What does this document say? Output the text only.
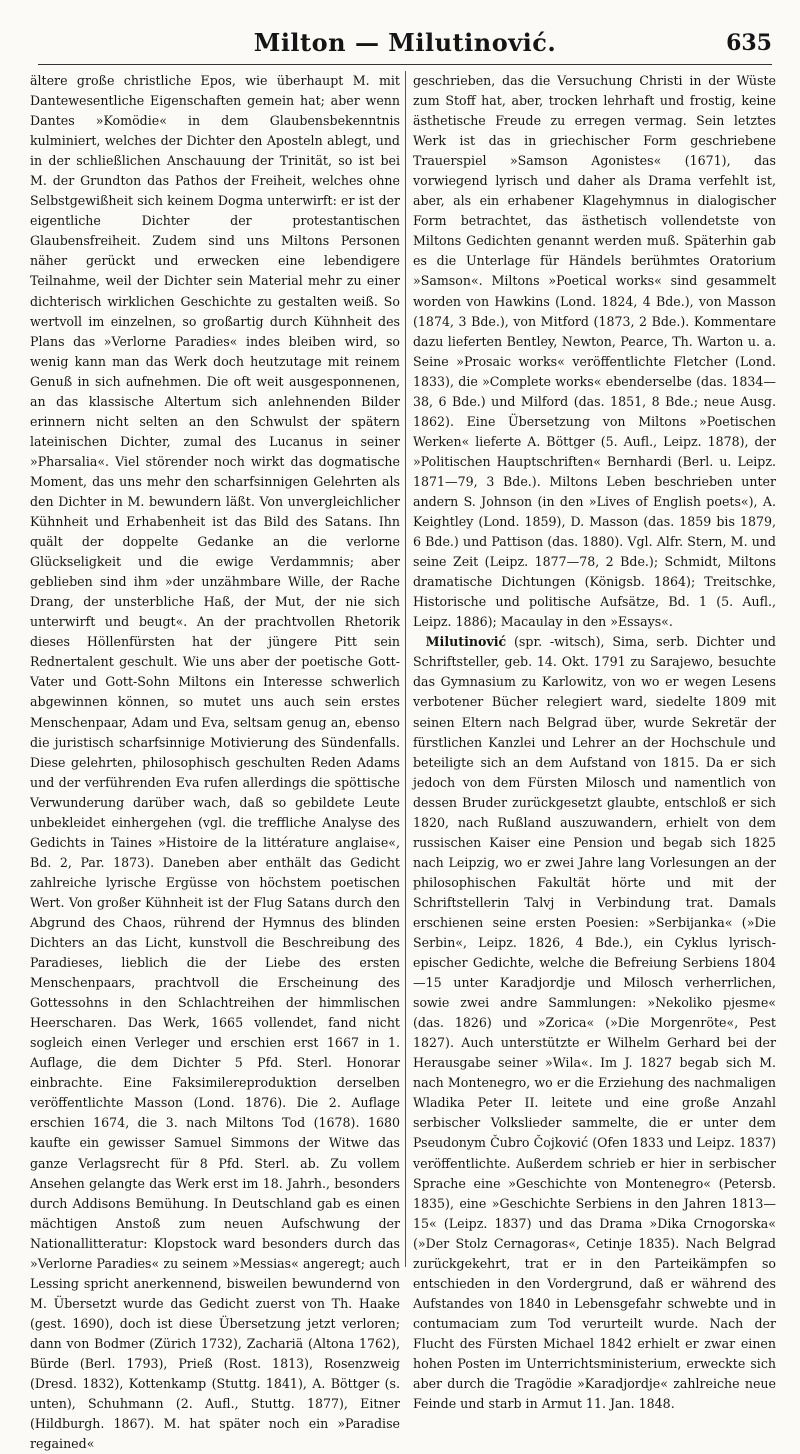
Milton — Milutinović.	635

ältere große christliche Epos, wie überhaupt M. mit Dantewesentliche Eigenschaften gemein hat; aber wenn Dantes »Komödie« in dem Glaubensbekenntnis kulminiert, welches der Dichter den Aposteln ablegt, und in der schließlichen Anschauung der Trinität, so ist bei M. der Grundton das Pathos der Freiheit, welches ohne Selbstgewißheit sich keinem Dogma unterwirft: er ist der eigentliche Dichter der protestantischen Glaubensfreiheit. Zudem sind uns Miltons Personen näher gerückt und erwecken eine lebendigere Teilnahme, weil der Dichter sein Material mehr zu einer dichterisch wirklichen Geschichte zu gestalten weiß. So wertvoll im einzelnen, so großartig durch Kühnheit des Plans das »Verlorne Paradies« indes bleiben wird, so wenig kann man das Werk doch heutzutage mit reinem Genuß in sich aufnehmen. Die oft weit ausgesponnenen, an das klassische Altertum sich anlehnenden Bilder erinnern nicht selten an den Schwulst der spätern lateinischen Dichter, zumal des Lucanus in seiner »Pharsalia«. Viel störender noch wirkt das dogmatische Moment, das uns mehr den scharfsinnigen Gelehrten als den Dichter in M. bewundern läßt. Von unvergleichlicher Kühnheit und Erhabenheit ist das Bild des Satans. Ihn quält der doppelte Gedanke an die verlorne Glückseligkeit und die ewige Verdammnis; aber geblieben sind ihm »der unzähmbare Wille, der Rache Drang, der unsterbliche Haß, der Mut, der nie sich unterwirft und beugt«. An der prachtvollen Rhetorik dieses Höllenfürsten hat der jüngere Pitt sein Rednertalent geschult. Wie uns aber der poetische Gott-Vater und Gott-Sohn Miltons ein Interesse schwerlich abgewinnen können, so mutet uns auch sein erstes Menschenpaar, Adam und Eva, seltsam genug an, ebenso die juristisch scharfsinnige Motivierung des Sündenfalls. Diese gelehrten, philosophisch geschulten Reden Adams und der verführenden Eva rufen allerdings die spöttische Verwunderung darüber wach, daß so gebildete Leute unbekleidet einhergehen (vgl. die treffliche Analyse des Gedichts in Taines »Histoire de la littérature anglaise«, Bd. 2, Par. 1873). Daneben aber enthält das Gedicht zahlreiche lyrische Ergüsse von höchstem poetischen Wert. Von großer Kühnheit ist der Flug Satans durch den Abgrund des Chaos, rührend der Hymnus des blinden Dichters an das Licht, kunstvoll die Beschreibung des Paradieses, lieblich die der Liebe des ersten Menschenpaars, prachtvoll die Erscheinung des Gottessohns in den Schlachtreihen der himmlischen Heerscharen. Das Werk, 1665 vollendet, fand nicht sogleich einen Verleger und erschien erst 1667 in 1. Auflage, die dem Dichter 5 Pfd. Sterl. Honorar einbrachte. Eine Faksimilereproduktion derselben veröffentlichte Masson (Lond. 1876). Die 2. Auflage erschien 1674, die 3. nach Miltons Tod (1678). 1680 kaufte ein gewisser Samuel Simmons der Witwe das ganze Verlagsrecht für 8 Pfd. Sterl. ab. Zu vollem Ansehen gelangte das Werk erst im 18. Jahrh., besonders durch Addisons Bemühung. In Deutschland gab es einen mächtigen Anstoß zum neuen Aufschwung der Nationallitteratur: Klopstock ward besonders durch das »Verlorne Paradies« zu seinem »Messias« angeregt; auch Lessing spricht anerkennend, bisweilen bewundernd von M. Übersetzt wurde das Gedicht zuerst von Th. Haake (gest. 1690), doch ist diese Übersetzung jetzt verloren; dann von Bodmer (Zürich 1732), Zachariä (Altona 1762), Bürde (Berl. 1793), Prieß (Rost. 1813), Rosenzweig (Dresd. 1832), Kottenkamp (Stuttg. 1841), A. Böttger (s. unten), Schuhmann (2. Aufl., Stuttg. 1877), Eitner (Hildburgh. 1867). M. hat später noch ein »Paradise regained«

geschrieben, das die Versuchung Christi in der Wüste zum Stoff hat, aber, trocken lehrhaft und frostig, keine ästhetische Freude zu erregen vermag. Sein letztes Werk ist das in griechischer Form geschriebene Trauerspiel »Samson Agonistes« (1671), das vorwiegend lyrisch und daher als Drama verfehlt ist, aber, als ein erhabener Klagehymnus in dialogischer Form betrachtet, das ästhetisch vollendetste von Miltons Gedichten genannt werden muß. Späterhin gab es die Unterlage für Händels berühmtes Oratorium »Samson«. Miltons »Poetical works« sind gesammelt worden von Hawkins (Lond. 1824, 4 Bde.), von Masson (1874, 3 Bde.), von Mitford (1873, 2 Bde.). Kommentare dazu lieferten Bentley, Newton, Pearce, Th. Warton u. a. Seine »Prosaic works« veröffentlichte Fletcher (Lond. 1833), die »Complete works« ebenderselbe (das. 1834—38, 6 Bde.) und Milford (das. 1851, 8 Bde.; neue Ausg. 1862). Eine Übersetzung von Miltons »Poetischen Werken« lieferte A. Böttger (5. Aufl., Leipz. 1878), der »Politischen Hauptschriften« Bernhardi (Berl. u. Leipz. 1871—79, 3 Bde.). Miltons Leben beschrieben unter andern S. Johnson (in den »Lives of English poets«), A. Keightley (Lond. 1859), D. Masson (das. 1859 bis 1879, 6 Bde.) und Pattison (das. 1880). Vgl. Alfr. Stern, M. und seine Zeit (Leipz. 1877—78, 2 Bde.); Schmidt, Miltons dramatische Dichtungen (Königsb. 1864); Treitschke, Historische und politische Aufsätze, Bd. 1 (5. Aufl., Leipz. 1886); Macaulay in den »Essays«.

 Milutinović (spr. -witsch), Sima, serb. Dichter und Schriftsteller, geb. 14. Okt. 1791 zu Sarajewo, besuchte das Gymnasium zu Karlowitz, von wo er wegen Lesens verbotener Bücher relegiert ward, siedelte 1809 mit seinen Eltern nach Belgrad über, wurde Sekretär der fürstlichen Kanzlei und Lehrer an der Hochschule und beteiligte sich an dem Aufstand von 1815. Da er sich jedoch von dem Fürsten Milosch und namentlich von dessen Bruder zurückgesetzt glaubte, entschloß er sich 1820, nach Rußland auszuwandern, erhielt von dem russischen Kaiser eine Pension und begab sich 1825 nach Leipzig, wo er zwei Jahre lang Vorlesungen an der philosophischen Fakultät hörte und mit der Schriftstellerin Talvj in Verbindung trat. Damals erschienen seine ersten Poesien: »Serbijanka« (»Die Serbin«, Leipz. 1826, 4 Bde.), ein Cyklus lyrisch-epischer Gedichte, welche die Befreiung Serbiens 1804—15 unter Karadjordje und Milosch verherrlichen, sowie zwei andre Sammlungen: »Nekoliko pjesme« (das. 1826) und »Zorica« (»Die Morgenröte«, Pest 1827). Auch unterstützte er Wilhelm Gerhard bei der Herausgabe seiner »Wila«. Im J. 1827 begab sich M. nach Montenegro, wo er die Erziehung des nachmaligen Wladika Peter II. leitete und eine große Anzahl serbischer Volkslieder sammelte, die er unter dem Pseudonym Čubro Čojković (Ofen 1833 und Leipz. 1837) veröffentlichte. Außerdem schrieb er hier in serbischer Sprache eine »Geschichte von Montenegro« (Petersb. 1835), eine »Geschichte Serbiens in den Jahren 1813—15« (Leipz. 1837) und das Drama »Dika Crnogorska« (»Der Stolz Cernagoras«, Cetinje 1835). Nach Belgrad zurückgekehrt, trat er in den Parteikämpfen so entschieden in den Vordergrund, daß er während des Aufstandes von 1840 in Lebensgefahr schwebte und in contumaciam zum Tod verurteilt wurde. Nach der Flucht des Fürsten Michael 1842 erhielt er zwar einen hohen Posten im Unterrichtsministerium, erweckte sich aber durch die Tragödie »Karadjordje« zahlreiche neue Feinde und starb in Armut 11. Jan. 1848.
